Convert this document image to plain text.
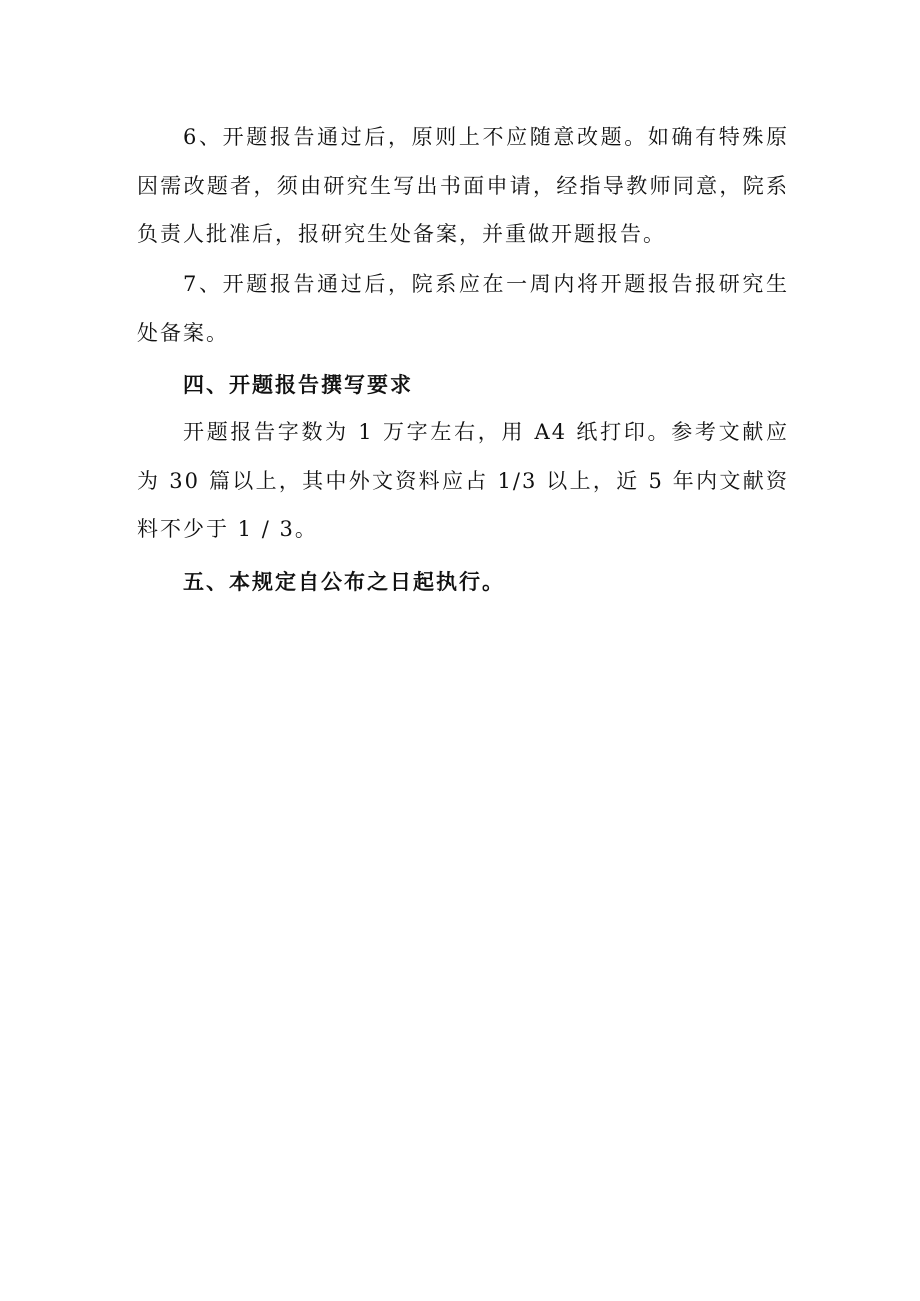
6、开题报告通过后，原则上不应随意改题。如确有特殊原因需改题者，须由研究生写出书面申请，经指导教师同意，院系负责人批准后，报研究生处备案，并重做开题报告。

7、开题报告通过后，院系应在一周内将开题报告报研究生处备案。

四、开题报告撰写要求

开题报告字数为 1 万字左右，用 A4 纸打印。参考文献应为 30 篇以上，其中外文资料应占 1/3 以上，近 5 年内文献资料不少于 1 / 3。

五、本规定自公布之日起执行。
